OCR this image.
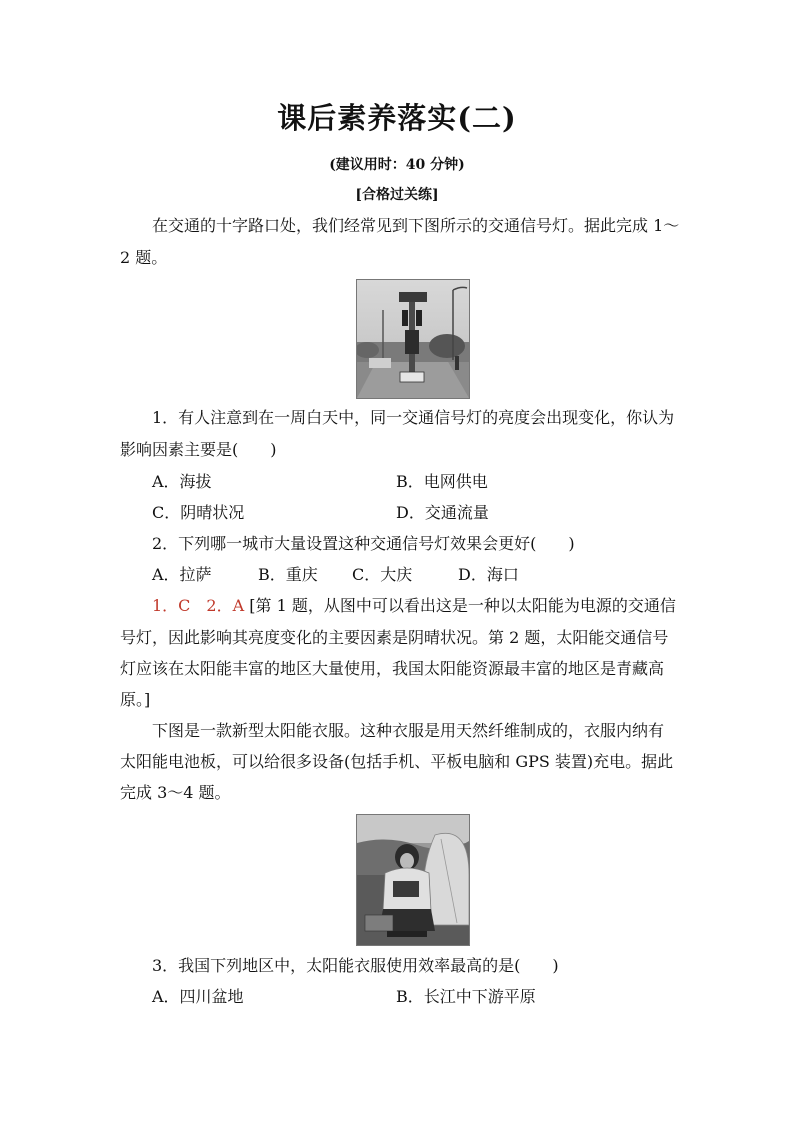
课后素养落实(二)
(建议用时：40 分钟)
[合格过关练]
在交通的十字路口处，我们经常见到下图所示的交通信号灯。据此完成 1～
2 题。
1．有人注意到在一周白天中，同一交通信号灯的亮度会出现变化，你认为
影响因素主要是(　　)
A．海拔	B．电网供电
C．阴晴状况	D．交通流量
2．下列哪一城市大量设置这种交通信号灯效果会更好(　　)
A．拉萨	B．重庆 C．大庆	D．海口
1．C　2．A [第 1 题，从图中可以看出这是一种以太阳能为电源的交通信
号灯，因此影响其亮度变化的主要因素是阴晴状况。第 2 题，太阳能交通信号
灯应该在太阳能丰富的地区大量使用，我国太阳能资源最丰富的地区是青藏高
原。]
下图是一款新型太阳能衣服。这种衣服是用天然纤维制成的，衣服内纳有
太阳能电池板，可以给很多设备(包括手机、平板电脑和 GPS 装置)充电。据此
完成 3～4 题。
3．我国下列地区中，太阳能衣服使用效率最高的是(　　)
A．四川盆地	B．长江中下游平原
